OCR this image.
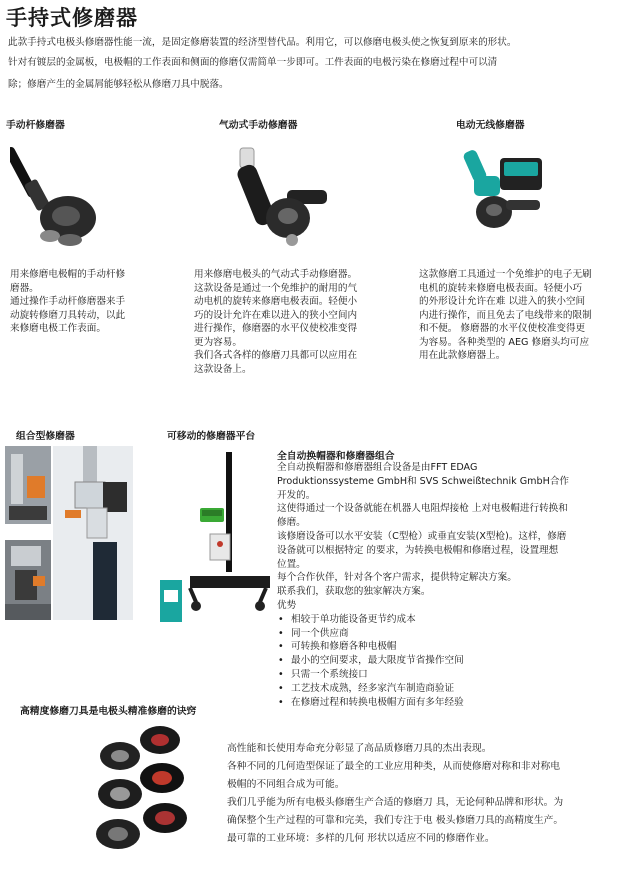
手持式修磨器
此款手持式电极头修磨器性能一流，是固定修磨装置的经济型替代品。利用它，可以修磨电极头使之恢复到原来的形状。
针对有镀层的金属板，电极帽的工作表面和侧面的修磨仅需简单一步即可。工件表面的电极污染在修磨过程中可以清
除；修磨产生的金属屑能够轻松从修磨刀具中脱落。
手动杆修磨器	气动式手动修磨器	电动无线修磨器

用来修磨电极帽的手动杆修

磨器。

通过操作手动杆修磨器来手

动旋转修磨刀具转动，以此

来修磨电极工作表面。

用来修磨电极头的气动式手动修磨器。

这款设备是通过一个免维护的耐用的气

动电机的旋转来修磨电极表面。轻便小

巧的设计允许在难以进入的狭小空间内

进行操作，修磨器的水平仪使校准变得

更为容易。

我们各式各样的修磨刀具都可以应用在

这款设备上。

这款修磨工具通过一个免维护的电子无刷

电机的旋转来修磨电极表面。轻便小巧

的外形设计允许在难 以进入的狭小空间

内进行操作，而且免去了电线带来的限制

和不便。 修磨器的水平仪使校准变得更

为容易。各种类型的 AEG 修磨头均可应

用在此款修磨器上。

组合型修磨器	可移动的修磨器平台
全自动换帽器和修磨器组合

全自动换帽器和修磨器组合设备是由FFT EDAG

Produktionssysteme GmbH和 SVS Schweißtechnik GmbH合作

开发的。

这使得通过一个设备就能在机器人电阻焊接枪 上对电极帽进行转换和

修磨。

该修磨设备可以水平安装（C型枪）或垂直安装(X型枪)。这样，修磨

设备就可以根据特定 的要求，为转换电极帽和修磨过程，设置理想

位置。

每个合作伙伴，针对各个客户需求，提供特定解决方案。

联系我们，获取您的独家解决方案。

优势

• 相较于单功能设备更节约成本
• 同一个供应商
• 可转换和修磨各种电极帽
• 最小的空间要求，最大限度节省操作空间
• 只需一个系统接口
• 工艺技术成熟，经多家汽车制造商验证
• 在修磨过程和转换电极帽方面有多年经验
高精度修磨刀具是电极头精准修磨的诀窍

高性能和长使用寿命充分彰显了高品质修磨刀具的杰出表现。

各种不同的几何造型保证了最全的工业应用种类，从而使修磨对称和非对称电

极帽的不同组合成为可能。

我们几乎能为所有电极头修磨生产合适的修磨刀 具，无论何种品牌和形状。为

确保整个生产过程的可靠和完美，我们专注于电 极头修磨刀具的高精度生产。

最可靠的工业环境：多样的几何 形状以适应不同的修磨作业。
